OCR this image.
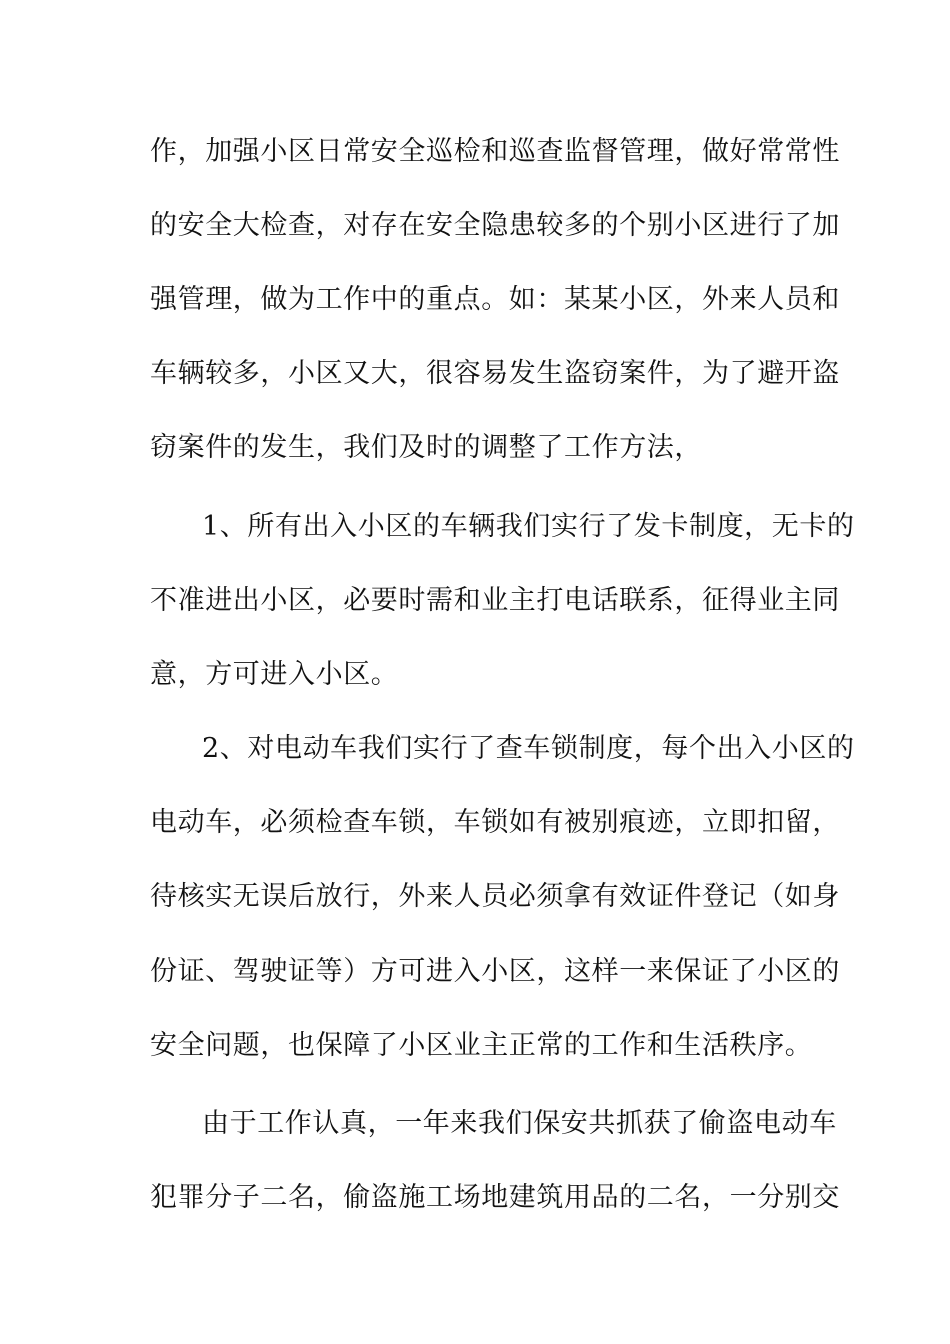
作，加强小区日常安全巡检和巡查监督管理，做好常常性
的安全大检查，对存在安全隐患较多的个别小区进行了加
强管理，做为工作中的重点。如：某某小区，外来人员和
车辆较多，小区又大，很容易发生盗窃案件，为了避开盗
窃案件的发生，我们及时的调整了工作方法，
1、所有出入小区的车辆我们实行了发卡制度，无卡的
不准进出小区，必要时需和业主打电话联系，征得业主同
意，方可进入小区。
2、对电动车我们实行了查车锁制度，每个出入小区的
电动车，必须检查车锁，车锁如有被别痕迹，立即扣留，
待核实无误后放行，外来人员必须拿有效证件登记（如身
份证、驾驶证等）方可进入小区，这样一来保证了小区的
安全问题，也保障了小区业主正常的工作和生活秩序。
由于工作认真，一年来我们保安共抓获了偷盗电动车
犯罪分子二名，偷盗施工场地建筑用品的二名，一分别交
